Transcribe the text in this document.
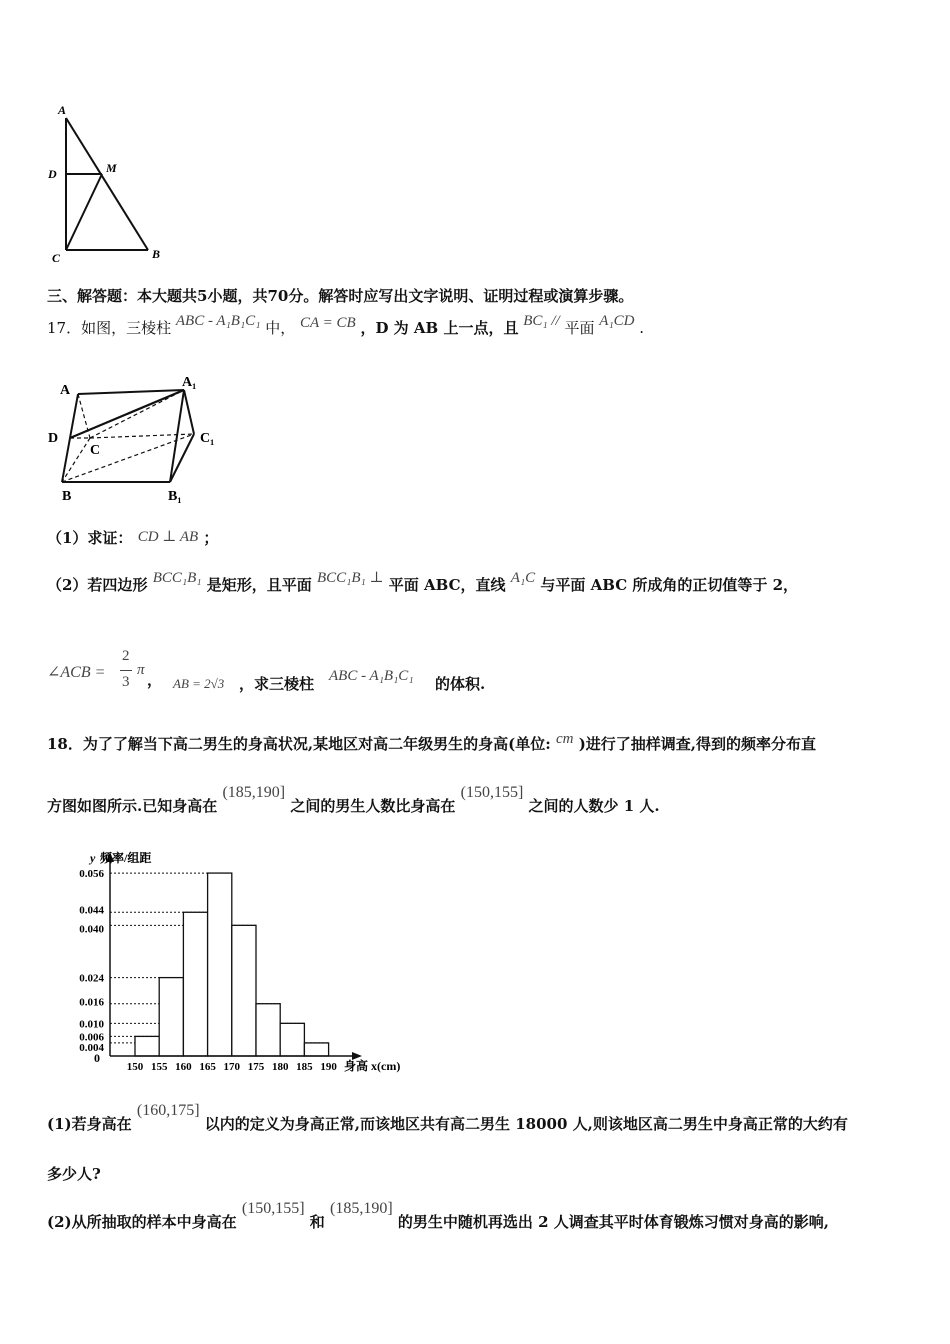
A
D	M
C	B
三、解答题：本大题共5小题，共70分。解答时应写出文字说明、证明过程或演算步骤。
17．如图，三棱柱 ABC - A₁B₁C₁ 中， CA = CB ，D 为 AB 上一点，且 BC₁ // 平面 A₁CD .
A
A₁
D
C
C₁
B	B₁
（1）求证： CD ⊥ AB ；
（2）若四边形 BCC₁B₁ 是矩形，且平面 BCC₁B₁ ⊥ 平面 ABC，直线 A₁C 与平面 ABC 所成角的正切值等于 2，
∠ACB =
2
3
π
， AB = 2√3 ，求三棱柱 ABC - A₁B₁C₁ 的体积.
18．为了了解当下高二男生的身高状况,某地区对高二年级男生的身高(单位: cm )进行了抽样调查,得到的频率分布直
方图如图所示.已知身高在 (185,190] 之间的男生人数比身高在 (150,155] 之间的人数少 1 人.
0.056
0.044
0.040
0.024
0.016
0.010
0.006
0.004
150 155 160 165 170 175 180 185 190
y 频率/组距
身高 x(cm)
0
(1)若身高在 (160,175] 以内的定义为身高正常,而该地区共有高二男生 18000 人,则该地区高二男生中身高正常的大约有
多少人?
(2)从所抽取的样本中身高在 (150,155] 和 (185,190] 的男生中随机再选出 2 人调查其平时体育锻炼习惯对身高的影响,
